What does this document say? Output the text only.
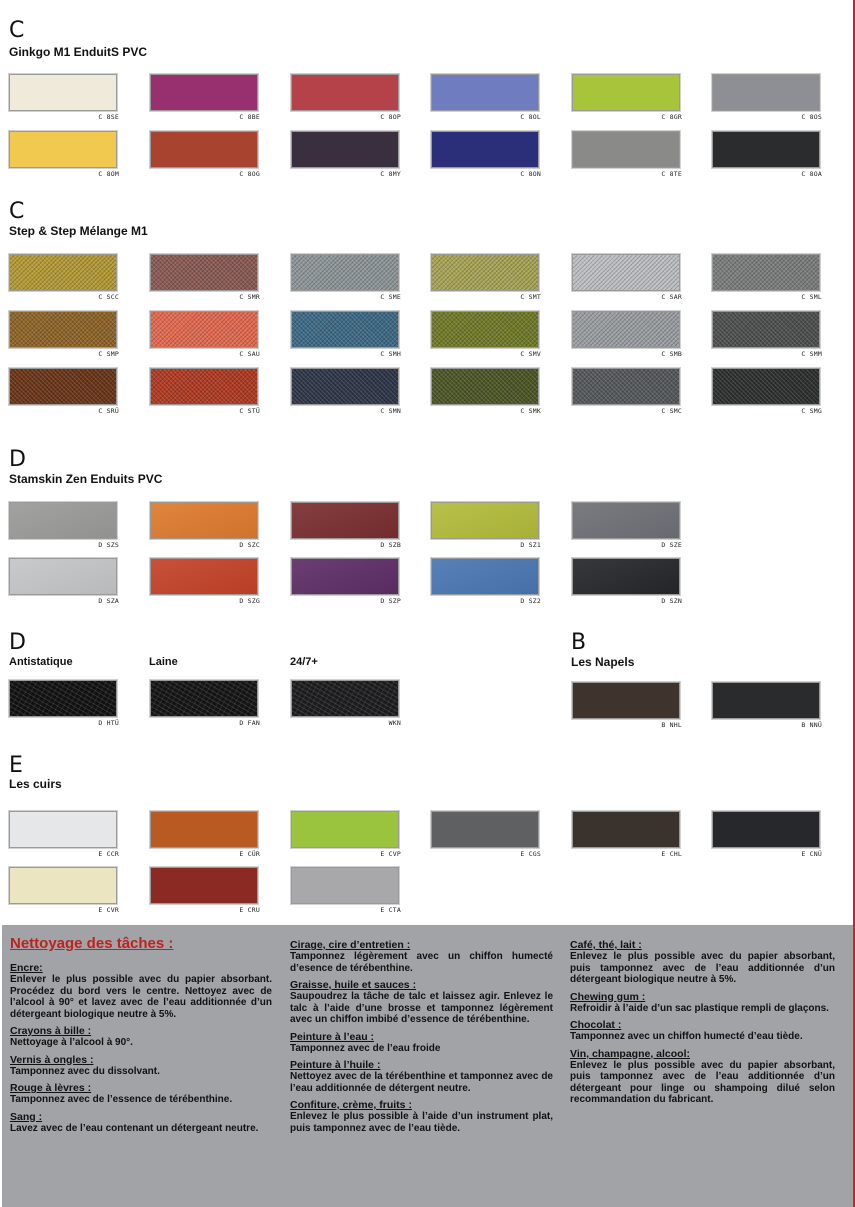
C
Ginkgo M1 EnduitS PVC
C 8SE	C 8BE	C 8OP	C 8OL	C 8GR	C 8OS
C 8OM	C 8OG	C 8MY	C 8ON	C 8TE	C 8OA
C
Step & Step Mélange M1
C SCC	C SMR	C SME	C SMT	C SAR	C SML
C SMP	C SAU	C SMH	C SMV	C SMB	C SMM
C SRÜ	C STÜ	C SMN	C SMK	C SMC	C SMG
D
Stamskin Zen Enduits PVC
D SZS	D SZC	D SZB	D SZ1	D SZE
D SZA	D SZG	D SZP	D SZ2	D SZN
D
Antistatique	Laine	24/7+
B
Les Napels
D HTÜ	D FAN	WKN	B NHL	B NNÜ
E
Les cuirs
E CCR	E CÜR	E CVP	E CGS	E CHL	E CNÜ
E CVR	E CRU	E CTA
Nettoyage des tâches :
Encre:
Enlever le plus possible avec du papier absorbant. Procédez du bord vers le centre. Nettoyez avec de l’alcool à 90° et lavez avec de l’eau additionnée d’un détergeant biologique neutre à 5%.
Crayons à bille :
Nettoyage à l’alcool à 90°.
Vernis à ongles :
Tamponnez avec du dissolvant.
Rouge à lèvres :
Tamponnez avec de l’essence de térébenthine.
Sang :
Lavez avec de l’eau contenant un détergeant neutre.
Cirage, cire d’entretien :
Tamponnez légèrement avec un chiffon humecté d’esence de térébenthine.
Graisse, huile et sauces :
Saupoudrez la tâche de talc et laissez agir. Enlevez le talc à l’aide d’une brosse et tamponnez légèrement avec un chiffon imbibé d’essence de térébenthine.
Peinture à l’eau :
Tamponnez avec de l’eau froide
Peinture à l’huile :
Nettoyez avec de la térébenthine et tamponnez avec de l’eau additionnée de détergent neutre.
Confiture, crème, fruits :
Enlevez le plus possible à l’aide d’un instrument plat, puis tamponnez avec de l’eau tiède.
Café, thé, lait :
Enlevez le plus possible avec du papier absorbant, puis tamponnez avec de l’eau additionnée d’un détergeant biologique neutre à 5%.
Chewing gum :
Refroidir à l’aide d’un sac plastique rempli de glaçons.
Chocolat :
Tamponnez avec un chiffon humecté d’eau tiède.
Vin, champagne, alcool:
Enlevez le plus possible avec du papier absorbant, puis tamponnez avec de l’eau additionnée d’un détergeant pour linge ou shampoing dilué selon recommandation du fabricant.
